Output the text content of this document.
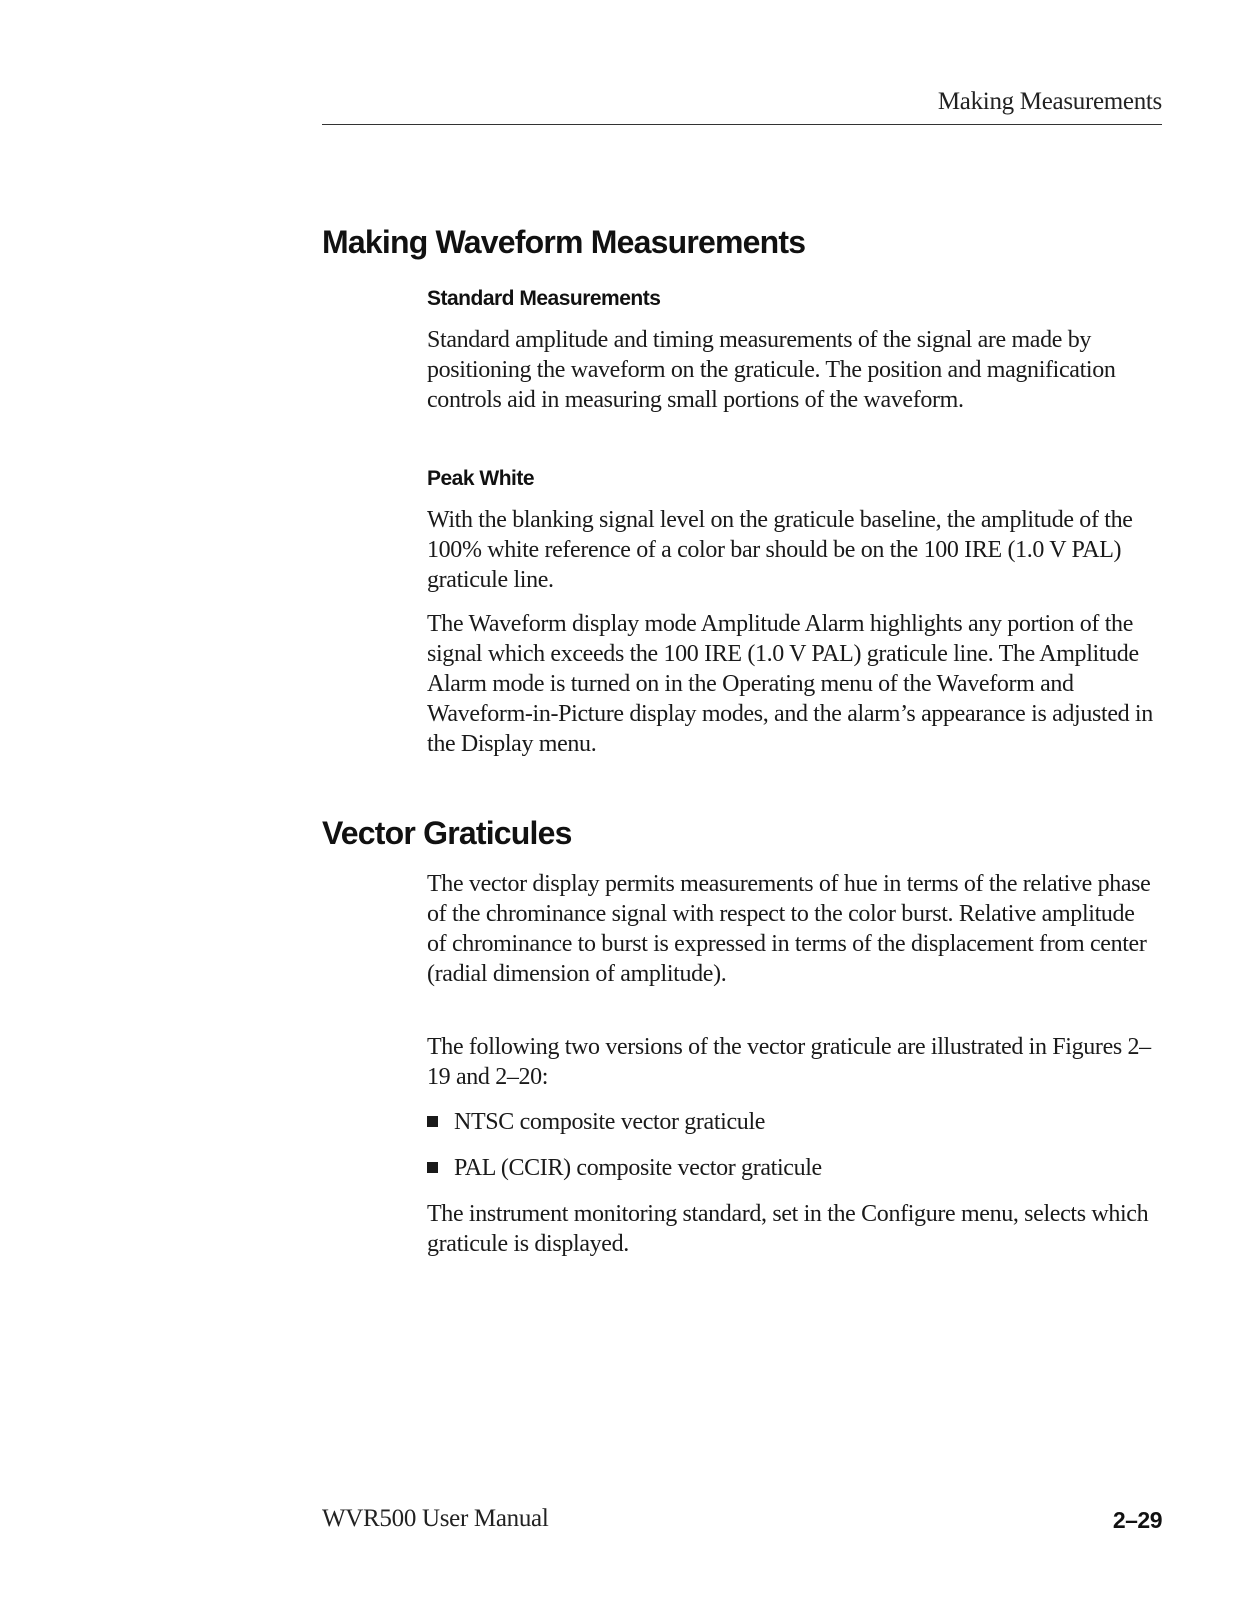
Making Measurements
Making Waveform Measurements
Standard Measurements

Standard amplitude and timing measurements of the signal are made by positioning the waveform on the graticule. The position and magnification controls aid in measuring small portions of the waveform.

Peak White

With the blanking signal level on the graticule baseline, the amplitude of the 100% white reference of a color bar should be on the 100 IRE (1.0 V PAL) graticule line.

The Waveform display mode Amplitude Alarm highlights any portion of the signal which exceeds the 100 IRE (1.0 V PAL) graticule line. The Amplitude Alarm mode is turned on in the Operating menu of the Waveform and Waveform-in-Picture display modes, and the alarm’s appearance is adjusted in the Display menu.

Vector Graticules

The vector display permits measurements of hue in terms of the relative phase of the chrominance signal with respect to the color burst. Relative amplitude of chrominance to burst is expressed in terms of the displacement from center (radial dimension of amplitude).

The following two versions of the vector graticule are illustrated in Figures 2–19 and 2–20:

NTSC composite vector graticule
PAL (CCIR) composite vector graticule

The instrument monitoring standard, set in the Configure menu, selects which graticule is displayed.

WVR500 User Manual	2–29
